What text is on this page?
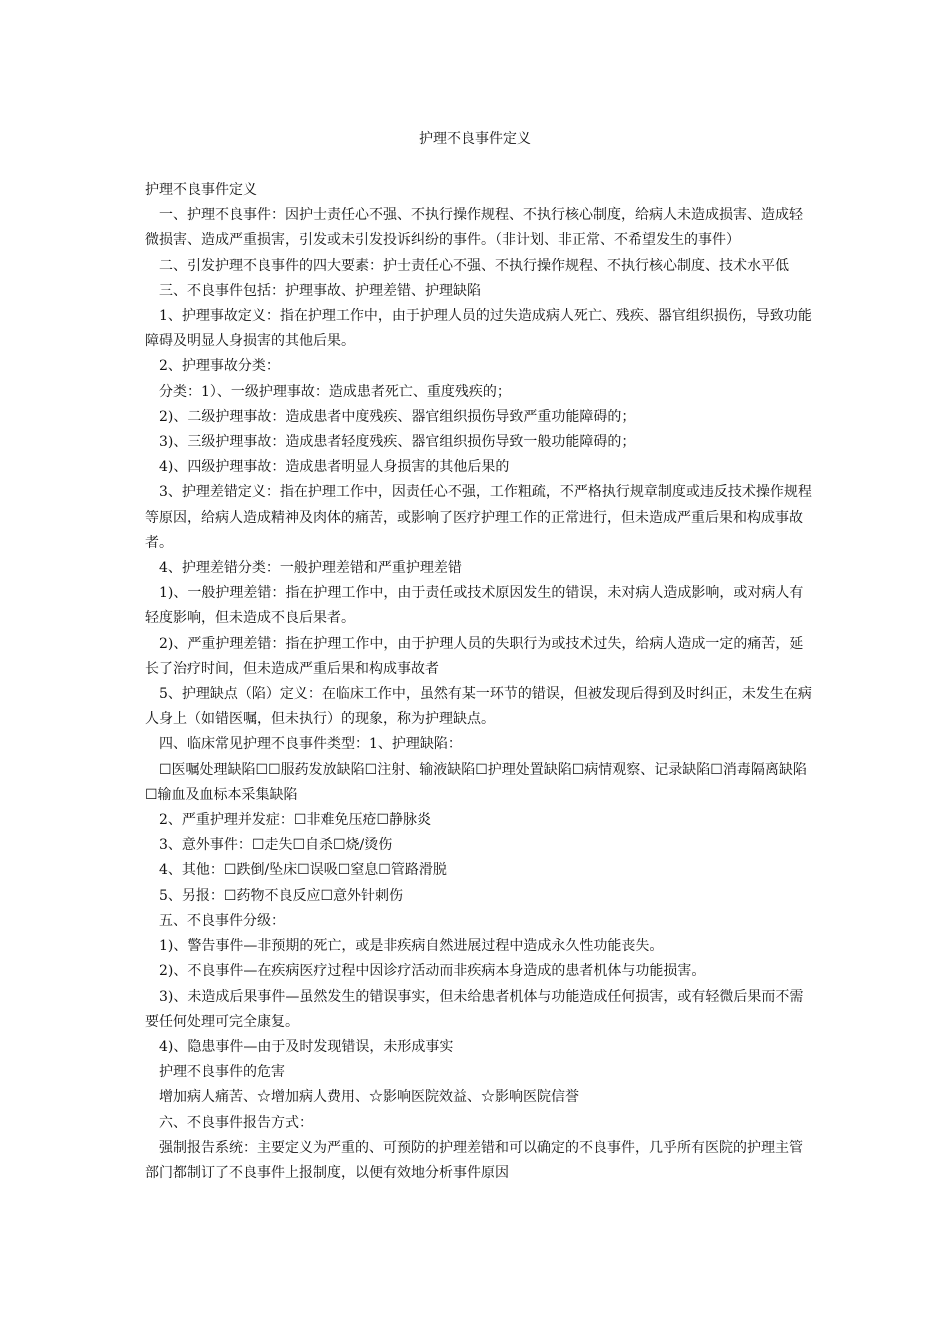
护理不良事件定义

护理不良事件定义

一、护理不良事件：因护士责任心不强、不执行操作规程、不执行核心制度，给病人未造成损害、造成轻微损害、造成严重损害，引发或未引发投诉纠纷的事件。（非计划、非正常、不希望发生的事件）

二、引发护理不良事件的四大要素：护士责任心不强、不执行操作规程、不执行核心制度、技术水平低

三、不良事件包括：护理事故、护理差错、护理缺陷

1、护理事故定义：指在护理工作中，由于护理人员的过失造成病人死亡、残疾、器官组织损伤，导致功能障碍及明显人身损害的其他后果。

2、护理事故分类：

分类：1）、一级护理事故：造成患者死亡、重度残疾的；

2)、二级护理事故：造成患者中度残疾、器官组织损伤导致严重功能障碍的；

3)、三级护理事故：造成患者轻度残疾、器官组织损伤导致一般功能障碍的；

4)、四级护理事故：造成患者明显人身损害的其他后果的

3、护理差错定义：指在护理工作中，因责任心不强，工作粗疏，不严格执行规章制度或违反技术操作规程等原因，给病人造成精神及肉体的痛苦，或影响了医疗护理工作的正常进行，但未造成严重后果和构成事故者。

4、护理差错分类：一般护理差错和严重护理差错

1)、一般护理差错：指在护理工作中，由于责任或技术原因发生的错误，未对病人造成影响，或对病人有轻度影响，但未造成不良后果者。

2)、严重护理差错：指在护理工作中，由于护理人员的失职行为或技术过失，给病人造成一定的痛苦，延长了治疗时间，但未造成严重后果和构成事故者

5、护理缺点（陷）定义：在临床工作中，虽然有某一环节的错误，但被发现后得到及时纠正，未发生在病人身上（如错医嘱，但未执行）的现象，称为护理缺点。

四、临床常见护理不良事件类型：1、护理缺陷：

☐医嘱处理缺陷☐☐服药发放缺陷☐注射、输液缺陷☐护理处置缺陷☐病情观察、记录缺陷☐消毒隔离缺陷☐输血及血标本采集缺陷

2、严重护理并发症：☐非难免压疮☐静脉炎

3、意外事件：☐走失☐自杀☐烧/烫伤

4、其他：☐跌倒/坠床☐误吸☐窒息☐管路滑脱

5、另报：☐药物不良反应☐意外针刺伤

五、不良事件分级：

1)、警告事件—非预期的死亡，或是非疾病自然进展过程中造成永久性功能丧失。

2)、不良事件—在疾病医疗过程中因诊疗活动而非疾病本身造成的患者机体与功能损害。

3)、未造成后果事件—虽然发生的错误事实，但未给患者机体与功能造成任何损害，或有轻微后果而不需要任何处理可完全康复。

4)、隐患事件—由于及时发现错误，未形成事实

护理不良事件的危害

增加病人痛苦、☆增加病人费用、☆影响医院效益、☆影响医院信誉

六、不良事件报告方式：

强制报告系统：主要定义为严重的、可预防的护理差错和可以确定的不良事件，几乎所有医院的护理主管部门都制订了不良事件上报制度，以便有效地分析事件原因
